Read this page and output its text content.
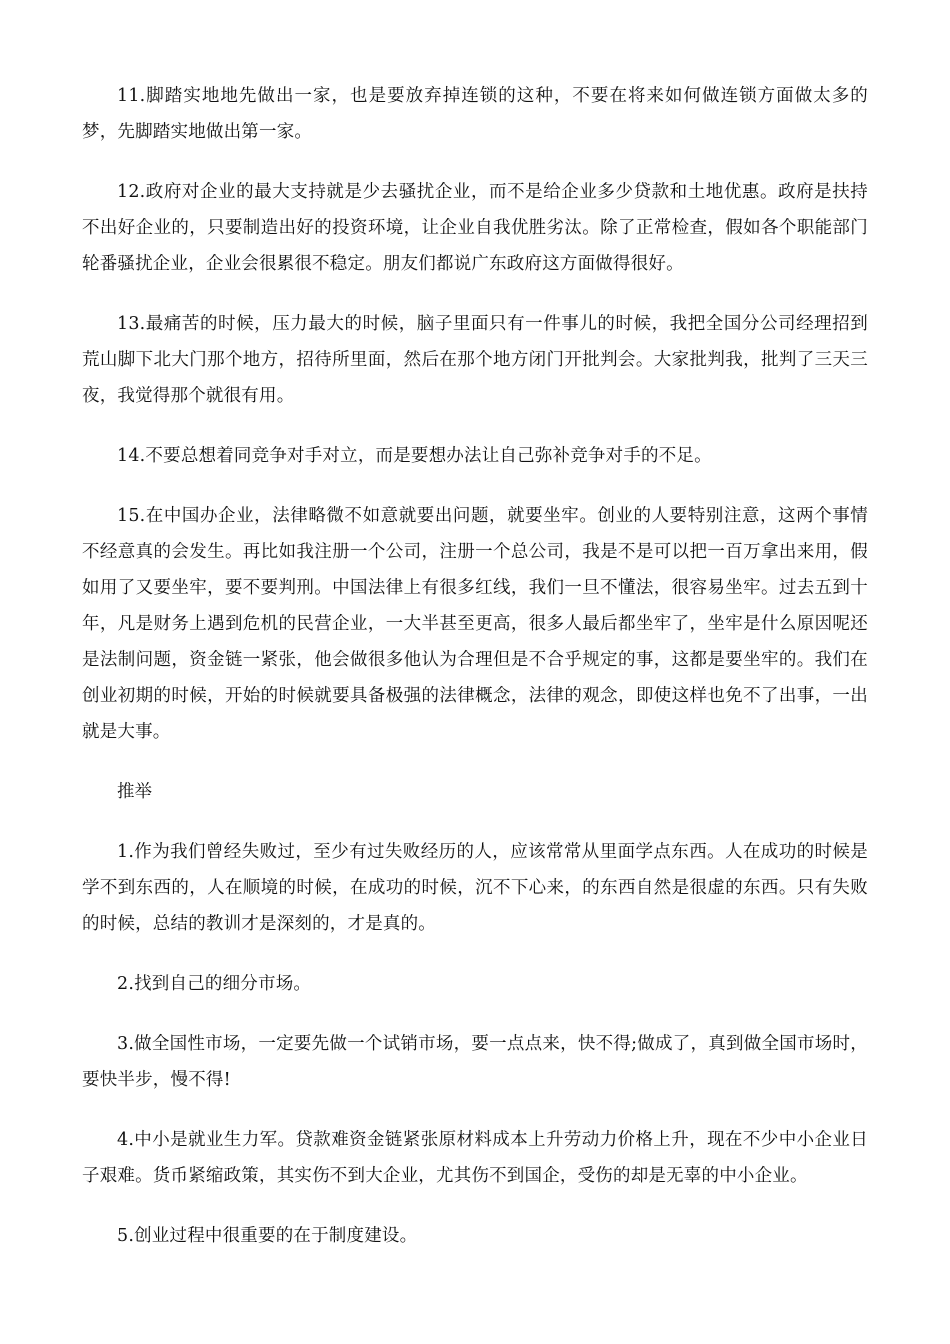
11.脚踏实地地先做出一家，也是要放弃掉连锁的这种，不要在将来如何做连锁方面做太多的梦，先脚踏实地做出第一家。

12.政府对企业的最大支持就是少去骚扰企业，而不是给企业多少贷款和土地优惠。政府是扶持不出好企业的，只要制造出好的投资环境，让企业自我优胜劣汰。除了正常检查，假如各个职能部门轮番骚扰企业，企业会很累很不稳定。朋友们都说广东政府这方面做得很好。

13.最痛苦的时候，压力最大的时候，脑子里面只有一件事儿的时候，我把全国分公司经理招到荒山脚下北大门那个地方，招待所里面，然后在那个地方闭门开批判会。大家批判我，批判了三天三夜，我觉得那个就很有用。

14.不要总想着同竞争对手对立，而是要想办法让自己弥补竞争对手的不足。

15.在中国办企业，法律略微不如意就要出问题，就要坐牢。创业的人要特别注意，这两个事情不经意真的会发生。再比如我注册一个公司，注册一个总公司，我是不是可以把一百万拿出来用，假如用了又要坐牢，要不要判刑。中国法律上有很多红线，我们一旦不懂法，很容易坐牢。过去五到十年，凡是财务上遇到危机的民营企业，一大半甚至更高，很多人最后都坐牢了，坐牢是什么原因呢还是法制问题，资金链一紧张，他会做很多他认为合理但是不合乎规定的事，这都是要坐牢的。我们在创业初期的时候，开始的时候就要具备极强的法律概念，法律的观念，即使这样也免不了出事，一出就是大事。

推举

1.作为我们曾经失败过，至少有过失败经历的人，应该常常从里面学点东西。人在成功的时候是学不到东西的，人在顺境的时候，在成功的时候，沉不下心来，的东西自然是很虚的东西。只有失败的时候，总结的教训才是深刻的，才是真的。

2.找到自己的细分市场。

3.做全国性市场，一定要先做一个试销市场，要一点点来，快不得;做成了，真到做全国市场时，要快半步，慢不得!

4.中小是就业生力军。贷款难资金链紧张原材料成本上升劳动力价格上升，现在不少中小企业日子艰难。货币紧缩政策，其实伤不到大企业，尤其伤不到国企，受伤的却是无辜的中小企业。

5.创业过程中很重要的在于制度建设。
